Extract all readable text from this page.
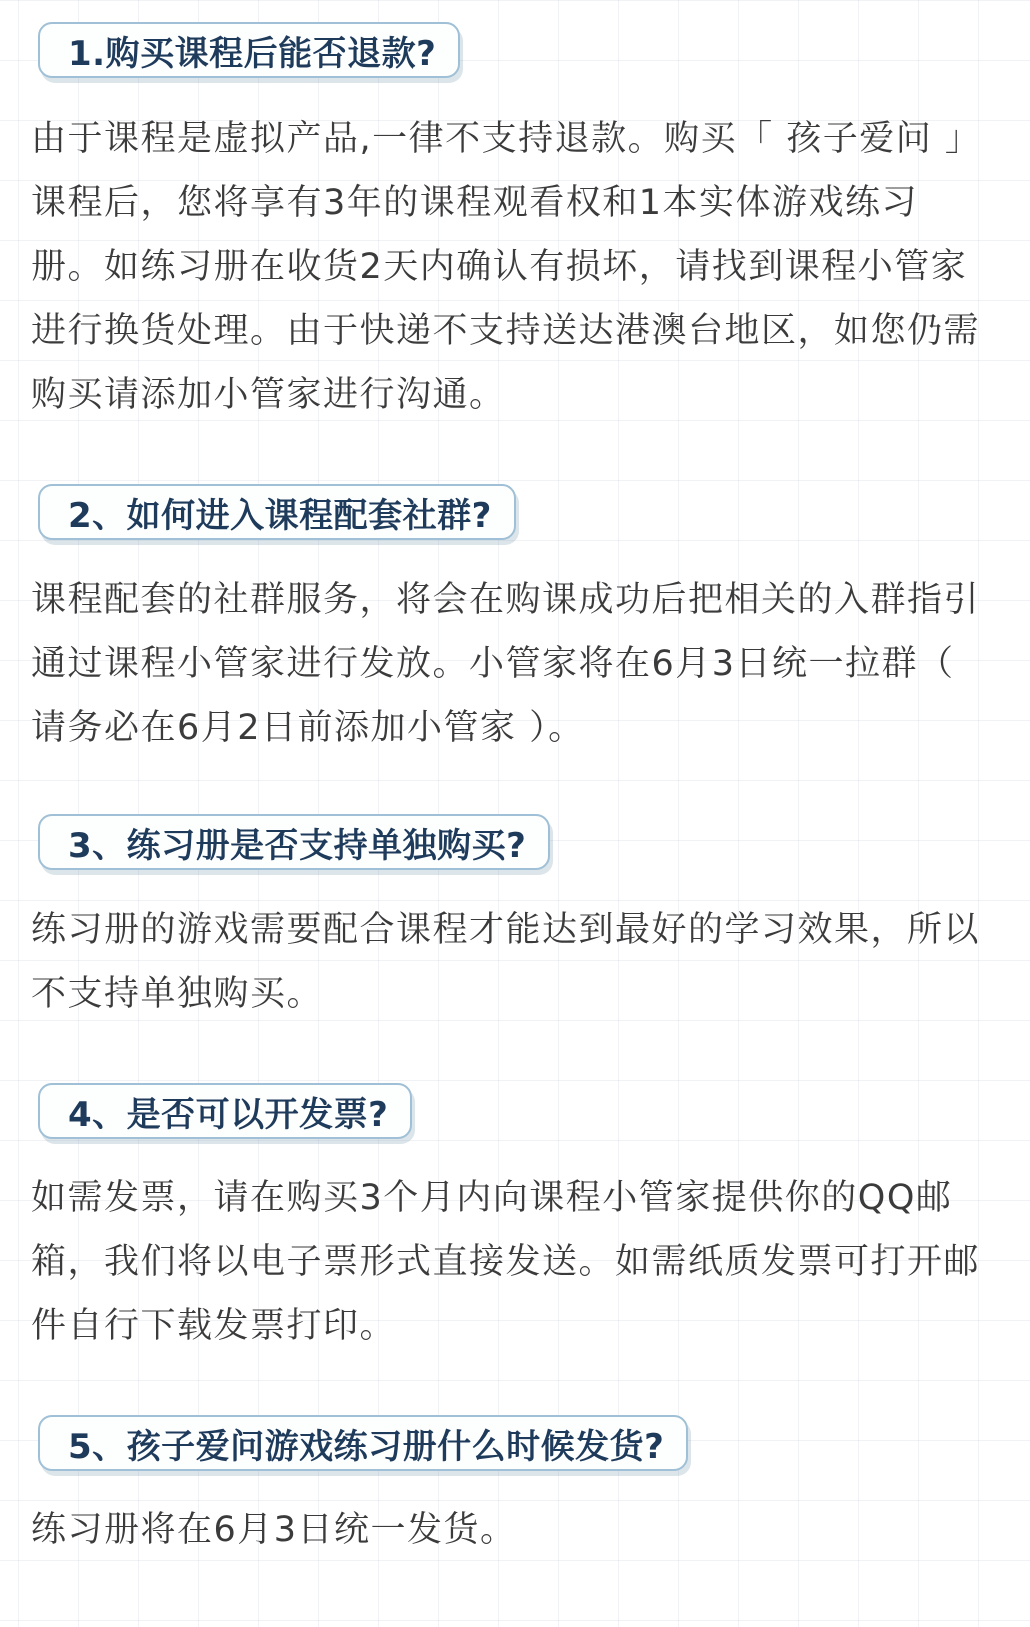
1.购买课程后能否退款?

由于课程是虚拟产品,一律不支持退款。购买「 孩子爱问 」课程后，您将享有3年的课程观看权和1本实体游戏练习册。如练习册在收货2天内确认有损坏，请找到课程小管家进行换货处理。由于快递不支持送达港澳台地区，如您仍需购买请添加小管家进行沟通。

2、如何进入课程配套社群?

课程配套的社群服务，将会在购课成功后把相关的入群指引通过课程小管家进行发放。小管家将在6月3日统一拉群（ 请务必在6月2日前添加小管家 ）。

3、练习册是否支持单独购买?

练习册的游戏需要配合课程才能达到最好的学习效果，所以不支持单独购买。

4、是否可以开发票?

如需发票，请在购买3个月内向课程小管家提供你的QQ邮箱，我们将以电子票形式直接发送。如需纸质发票可打开邮件自行下载发票打印。

5、孩子爱问游戏练习册什么时候发货?

练习册将在6月3日统一发货。
